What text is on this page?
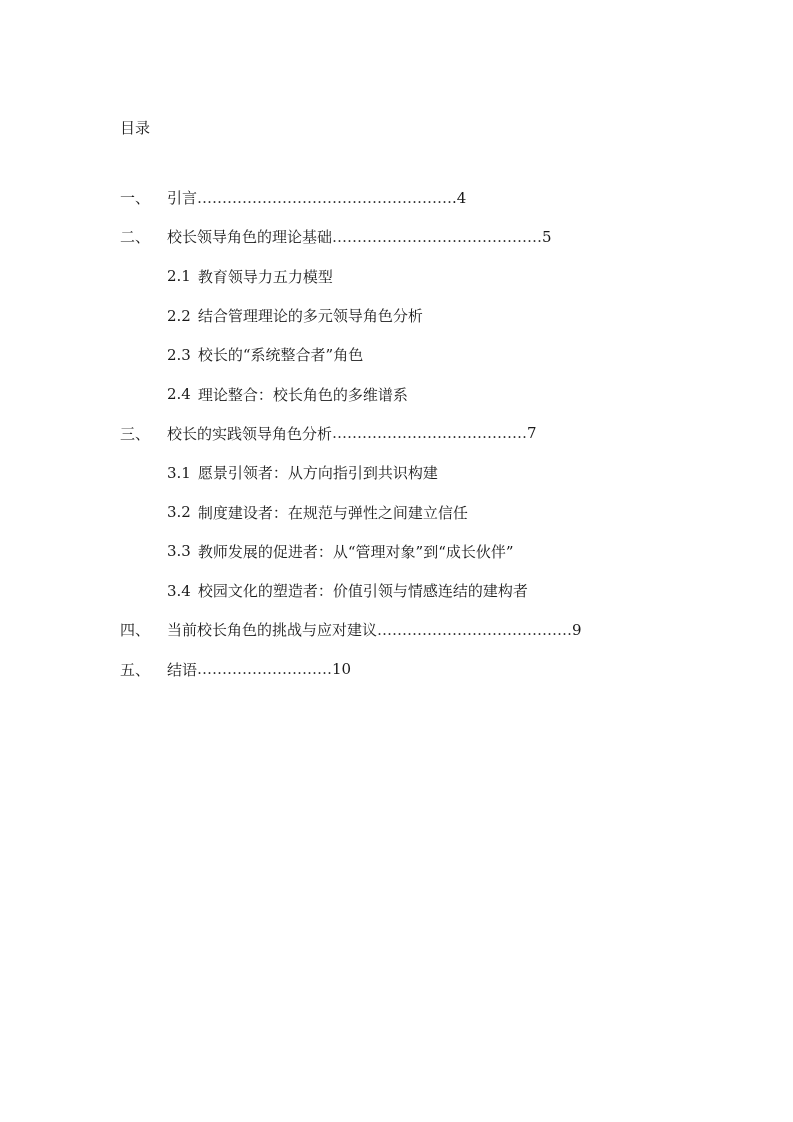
目录
一、	引言 …………………………………………… .4
二、	校长领导角色的理论基础 …………………………………… 5
2.1 教育领导力五力模型
2.2 结合管理理论的多元领导角色分析
2.3 校长的“系统整合者”角色
2.4 理论整合：校长角色的多维谱系
三、	校长的实践领导角色分析 ………………………………… 7
3.1 愿景引领者：从方向指引到共识构建
3.2 制度建设者：在规范与弹性之间建立信任
3.3 教师发展的促进者：从“管理对象”到“成长伙伴”
3.4 校园文化的塑造者：价值引领与情感连结的建构者
四、	当前校长角色的挑战与应对建议 ………………………………… 9
五、	结语 ……………………… 10
